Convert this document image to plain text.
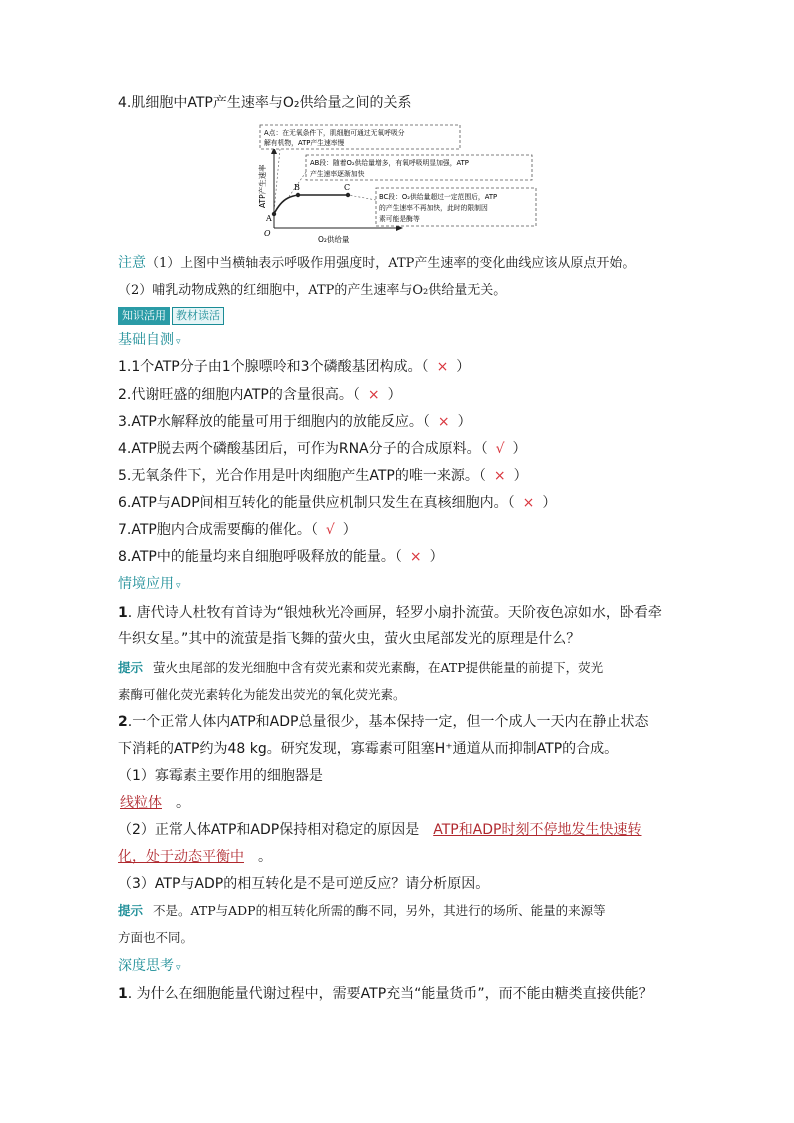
4.肌细胞中ATP产生速率与O₂供给量之间的关系
A
B	C
O
O₂供给量
ATP产生速率
A点：在无氧条件下，肌细胞可通过无氧呼吸分
解有机物，ATP产生速率慢
AB段：随着O₂供给量增多，有氧呼吸明显加强，ATP
产生速率逐渐加快
BC段：O₂供给量超过一定范围后，ATP
的产生速率不再加快，此时的限制因
素可能是酶等
注意（1）上图中当横轴表示呼吸作用强度时，ATP产生速率的变化曲线应该从原点开始。
（2）哺乳动物成熟的红细胞中，ATP的产生速率与O₂供给量无关。
知识活用 教材读活
基础自测 ▿
1.1个ATP分子由1个腺嘌呤和3个磷酸基团构成。（ × ）
2.代谢旺盛的细胞内ATP的含量很高。（ × ）
3.ATP水解释放的能量可用于细胞内的放能反应。（ × ）
4.ATP脱去两个磷酸基团后，可作为RNA分子的合成原料。（ √ ）
5.无氧条件下，光合作用是叶肉细胞产生ATP的唯一来源。（ × ）
6.ATP与ADP间相互转化的能量供应机制只发生在真核细胞内。（ × ）
7.ATP胞内合成需要酶的催化。（ √ ）
8.ATP中的能量均来自细胞呼吸释放的能量。（ × ）
情境应用 ▿
1. 唐代诗人杜牧有首诗为“银烛秋光冷画屏，轻罗小扇扑流萤。天阶夜色凉如水，卧看牵
牛织女星。”其中的流萤是指飞舞的萤火虫，萤火虫尾部发光的原理是什么？
提示 萤火虫尾部的发光细胞中含有荧光素和荧光素酶，在ATP提供能量的前提下，荧光
素酶可催化荧光素转化为能发出荧光的氧化荧光素。
2.一个正常人体内ATP和ADP总量很少，基本保持一定，但一个成人一天内在静止状态
下消耗的ATP约为48 kg。研究发现，寡霉素可阻塞H⁺通道从而抑制ATP的合成。
（1）寡霉素主要作用的细胞器是
线粒体 。
（2）正常人体ATP和ADP保持相对稳定的原因是 ATP和ADP时刻不停地发生快速转
化，处于动态平衡中 。
（3）ATP与ADP的相互转化是不是可逆反应？请分析原因。
提示 不是。ATP与ADP的相互转化所需的酶不同，另外，其进行的场所、能量的来源等
方面也不同。
深度思考 ▿
1. 为什么在细胞能量代谢过程中，需要ATP充当“能量货币”，而不能由糖类直接供能？
